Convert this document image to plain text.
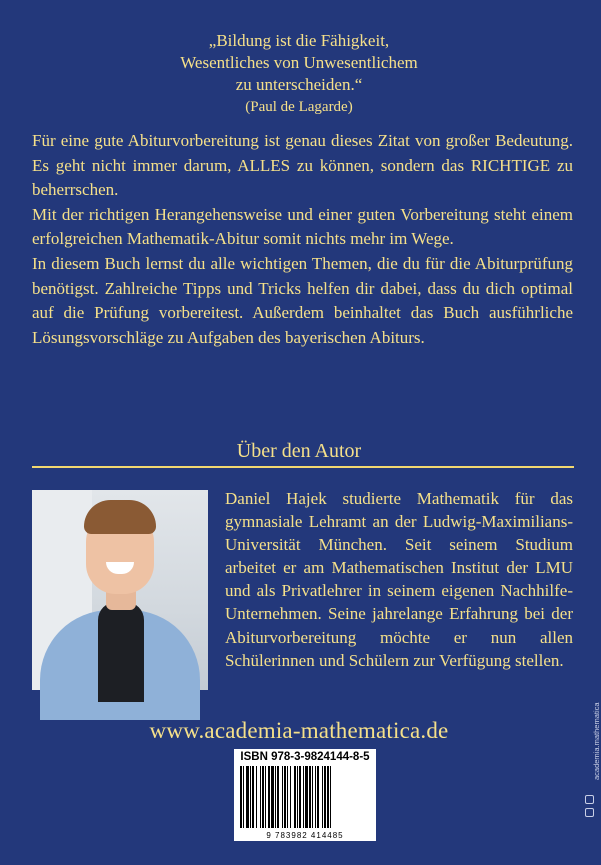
„Bildung ist die Fähigkeit,
Wesentliches von Unwesentlichem
zu unterscheiden.“
(Paul de Lagarde)

Für eine gute Abiturvorbereitung ist genau dieses Zitat von großer Bedeutung. Es geht nicht immer darum, ALLES zu können, sondern das RICHTIGE zu beherrschen.

Mit der richtigen Herangehensweise und einer guten Vorbereitung steht einem erfolgreichen Mathematik-Abitur somit nichts mehr im Wege.

In diesem Buch lernst du alle wichtigen Themen, die du für die Abiturprüfung benötigst. Zahlreiche Tipps und Tricks helfen dir dabei, dass du dich optimal auf die Prüfung vorbereitest. Außerdem beinhaltet das Buch ausführliche Lösungsvorschläge zu Aufgaben des bayerischen Abiturs.

Über den Autor

Daniel Hajek studierte Mathematik für das gymnasiale Lehramt an der Ludwig-Maximilians-Universität München. Seit seinem Studium arbeitet er am Mathematischen Institut der LMU und als Privatlehrer in seinem eigenen Nachhilfe-Unternehmen. Seine jahrelange Erfahrung bei der Abiturvorbereitung möchte er nun allen Schülerinnen und Schülern zur Verfügung stellen.

www.academia-mathematica.de
ISBN 978-3-9824144-8-5
9 783982 414485
academia.mathematica
